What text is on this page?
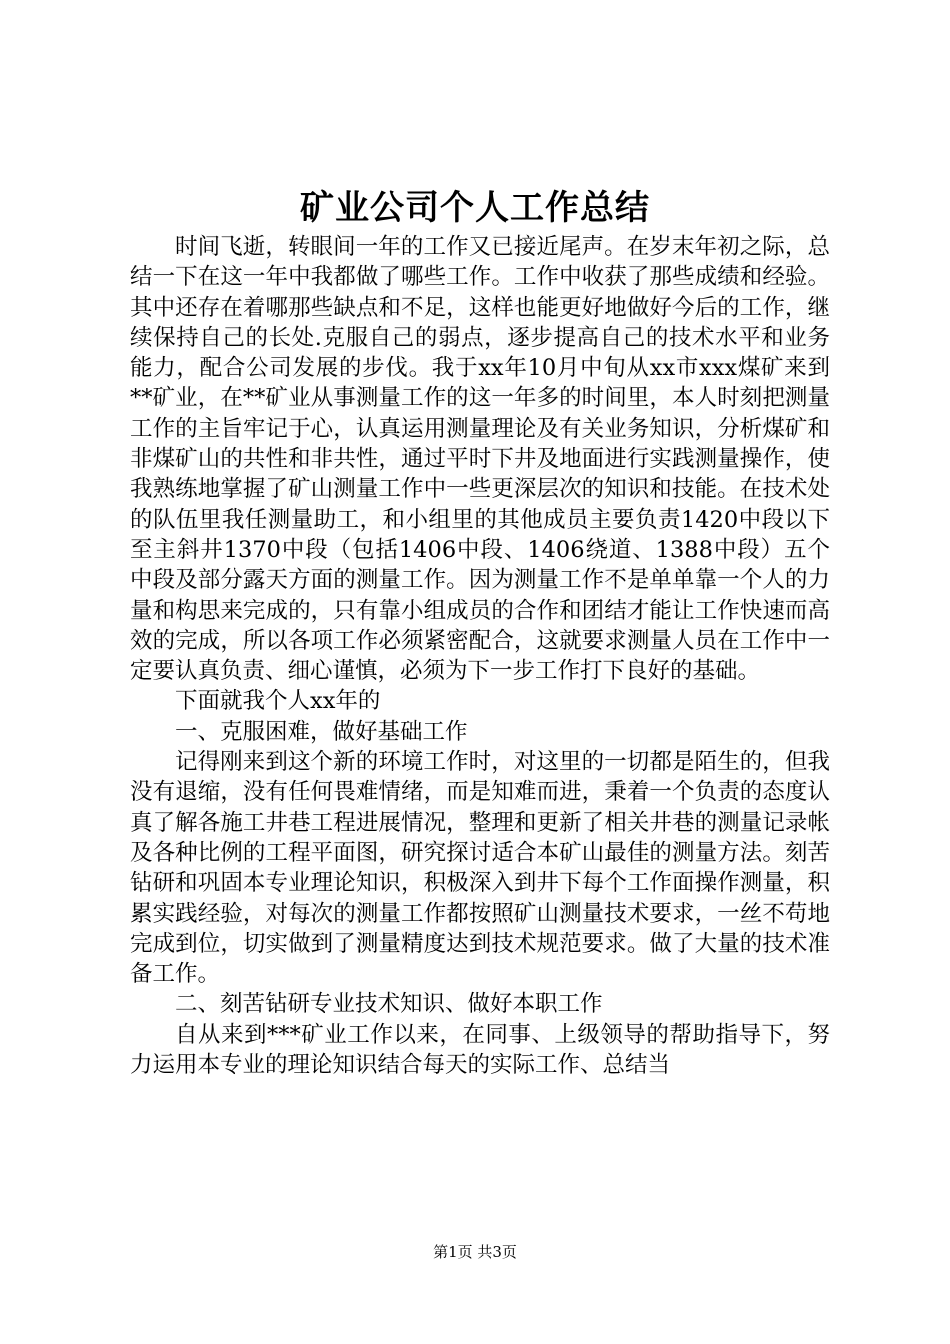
矿业公司个人工作总结

时间飞逝，转眼间一年的工作又已接近尾声。在岁末年初之际，总结一下在这一年中我都做了哪些工作。工作中收获了那些成绩和经验。其中还存在着哪那些缺点和不足，这样也能更好地做好今后的工作，继续保持自己的长处.克服自己的弱点，逐步提高自己的技术水平和业务能力，配合公司发展的步伐。我于xx年10月中旬从xx市xxx煤矿来到**矿业，在**矿业从事测量工作的这一年多的时间里，本人时刻把测量工作的主旨牢记于心，认真运用测量理论及有关业务知识，分析煤矿和非煤矿山的共性和非共性，通过平时下井及地面进行实践测量操作，使我熟练地掌握了矿山测量工作中一些更深层次的知识和技能。在技术处的队伍里我任测量助工，和小组里的其他成员主要负责1420中段以下至主斜井1370中段（包括1406中段、1406绕道、1388中段）五个中段及部分露天方面的测量工作。因为测量工作不是单单靠一个人的力量和构思来完成的，只有靠小组成员的合作和团结才能让工作快速而高效的完成，所以各项工作必须紧密配合，这就要求测量人员在工作中一定要认真负责、细心谨慎，必须为下一步工作打下良好的基础。

下面就我个人xx年的

一、克服困难，做好基础工作

记得刚来到这个新的环境工作时，对这里的一切都是陌生的，但我没有退缩，没有任何畏难情绪，而是知难而进，秉着一个负责的态度认真了解各施工井巷工程进展情况，整理和更新了相关井巷的测量记录帐及各种比例的工程平面图，研究探讨适合本矿山最佳的测量方法。刻苦钻研和巩固本专业理论知识，积极深入到井下每个工作面操作测量，积累实践经验，对每次的测量工作都按照矿山测量技术要求，一丝不苟地完成到位，切实做到了测量精度达到技术规范要求。做了大量的技术准备工作。

二、刻苦钻研专业技术知识、做好本职工作

自从来到***矿业工作以来，在同事、上级领导的帮助指导下，努力运用本专业的理论知识结合每天的实际工作、总结当

第1页 共3页
